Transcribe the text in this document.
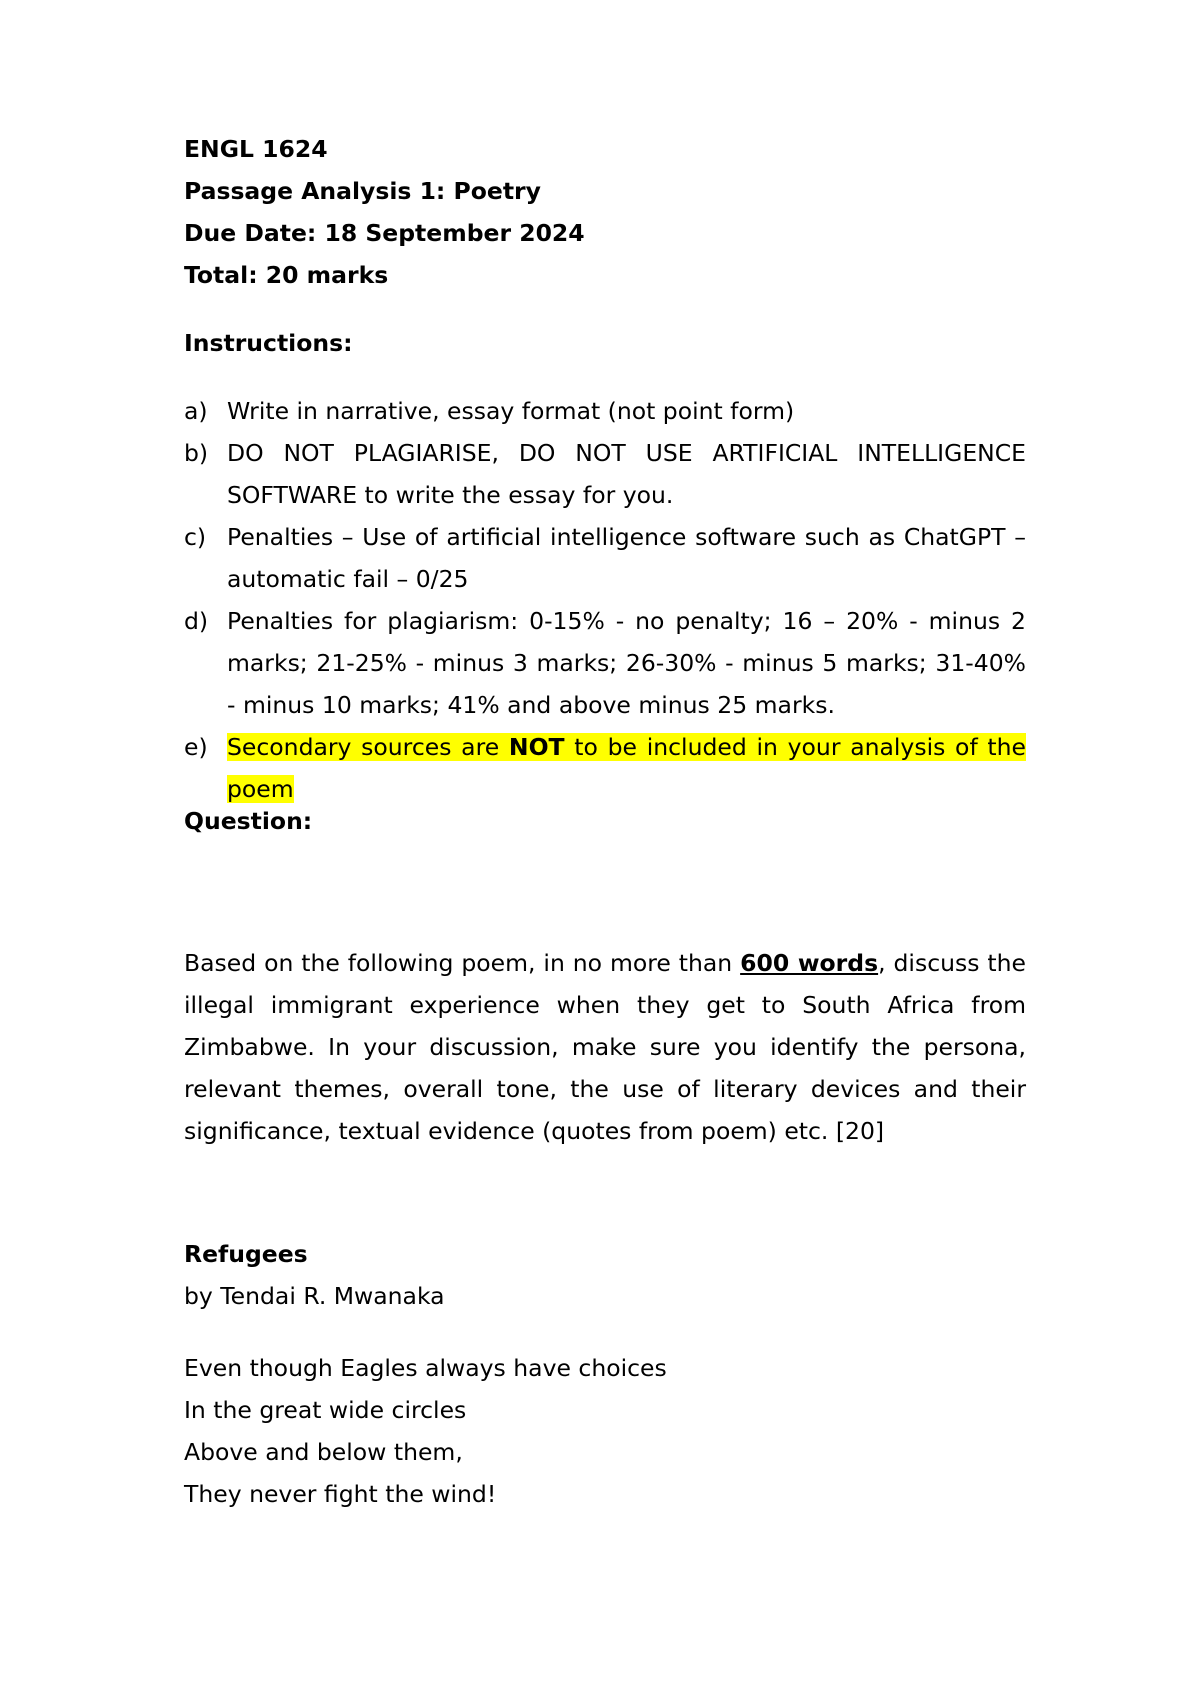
ENGL 1624
Passage Analysis 1: Poetry
Due Date: 18 September 2024
Total: 20 marks
Instructions:
a) Write in narrative, essay format (not point form)
b) DO NOT PLAGIARISE, DO NOT USE ARTIFICIAL INTELLIGENCE SOFTWARE to write the essay for you.
c) Penalties – Use of artificial intelligence software such as ChatGPT – automatic fail – 0/25
d) Penalties for plagiarism: 0-15% - no penalty; 16 – 20% - minus 2 marks; 21-25% - minus 3 marks; 26-30% - minus 5 marks; 31-40% - minus 10 marks; 41% and above minus 25 marks.
e) Secondary sources are NOT to be included in your analysis of the poem
Question:
Based on the following poem, in no more than 600 words, discuss the illegal immigrant experience when they get to South Africa from Zimbabwe. In your discussion, make sure you identify the persona, relevant themes, overall tone, the use of literary devices and their significance, textual evidence (quotes from poem) etc. [20]
Refugees
by Tendai R. Mwanaka
Even though Eagles always have choices
In the great wide circles
Above and below them,
They never fight the wind!
